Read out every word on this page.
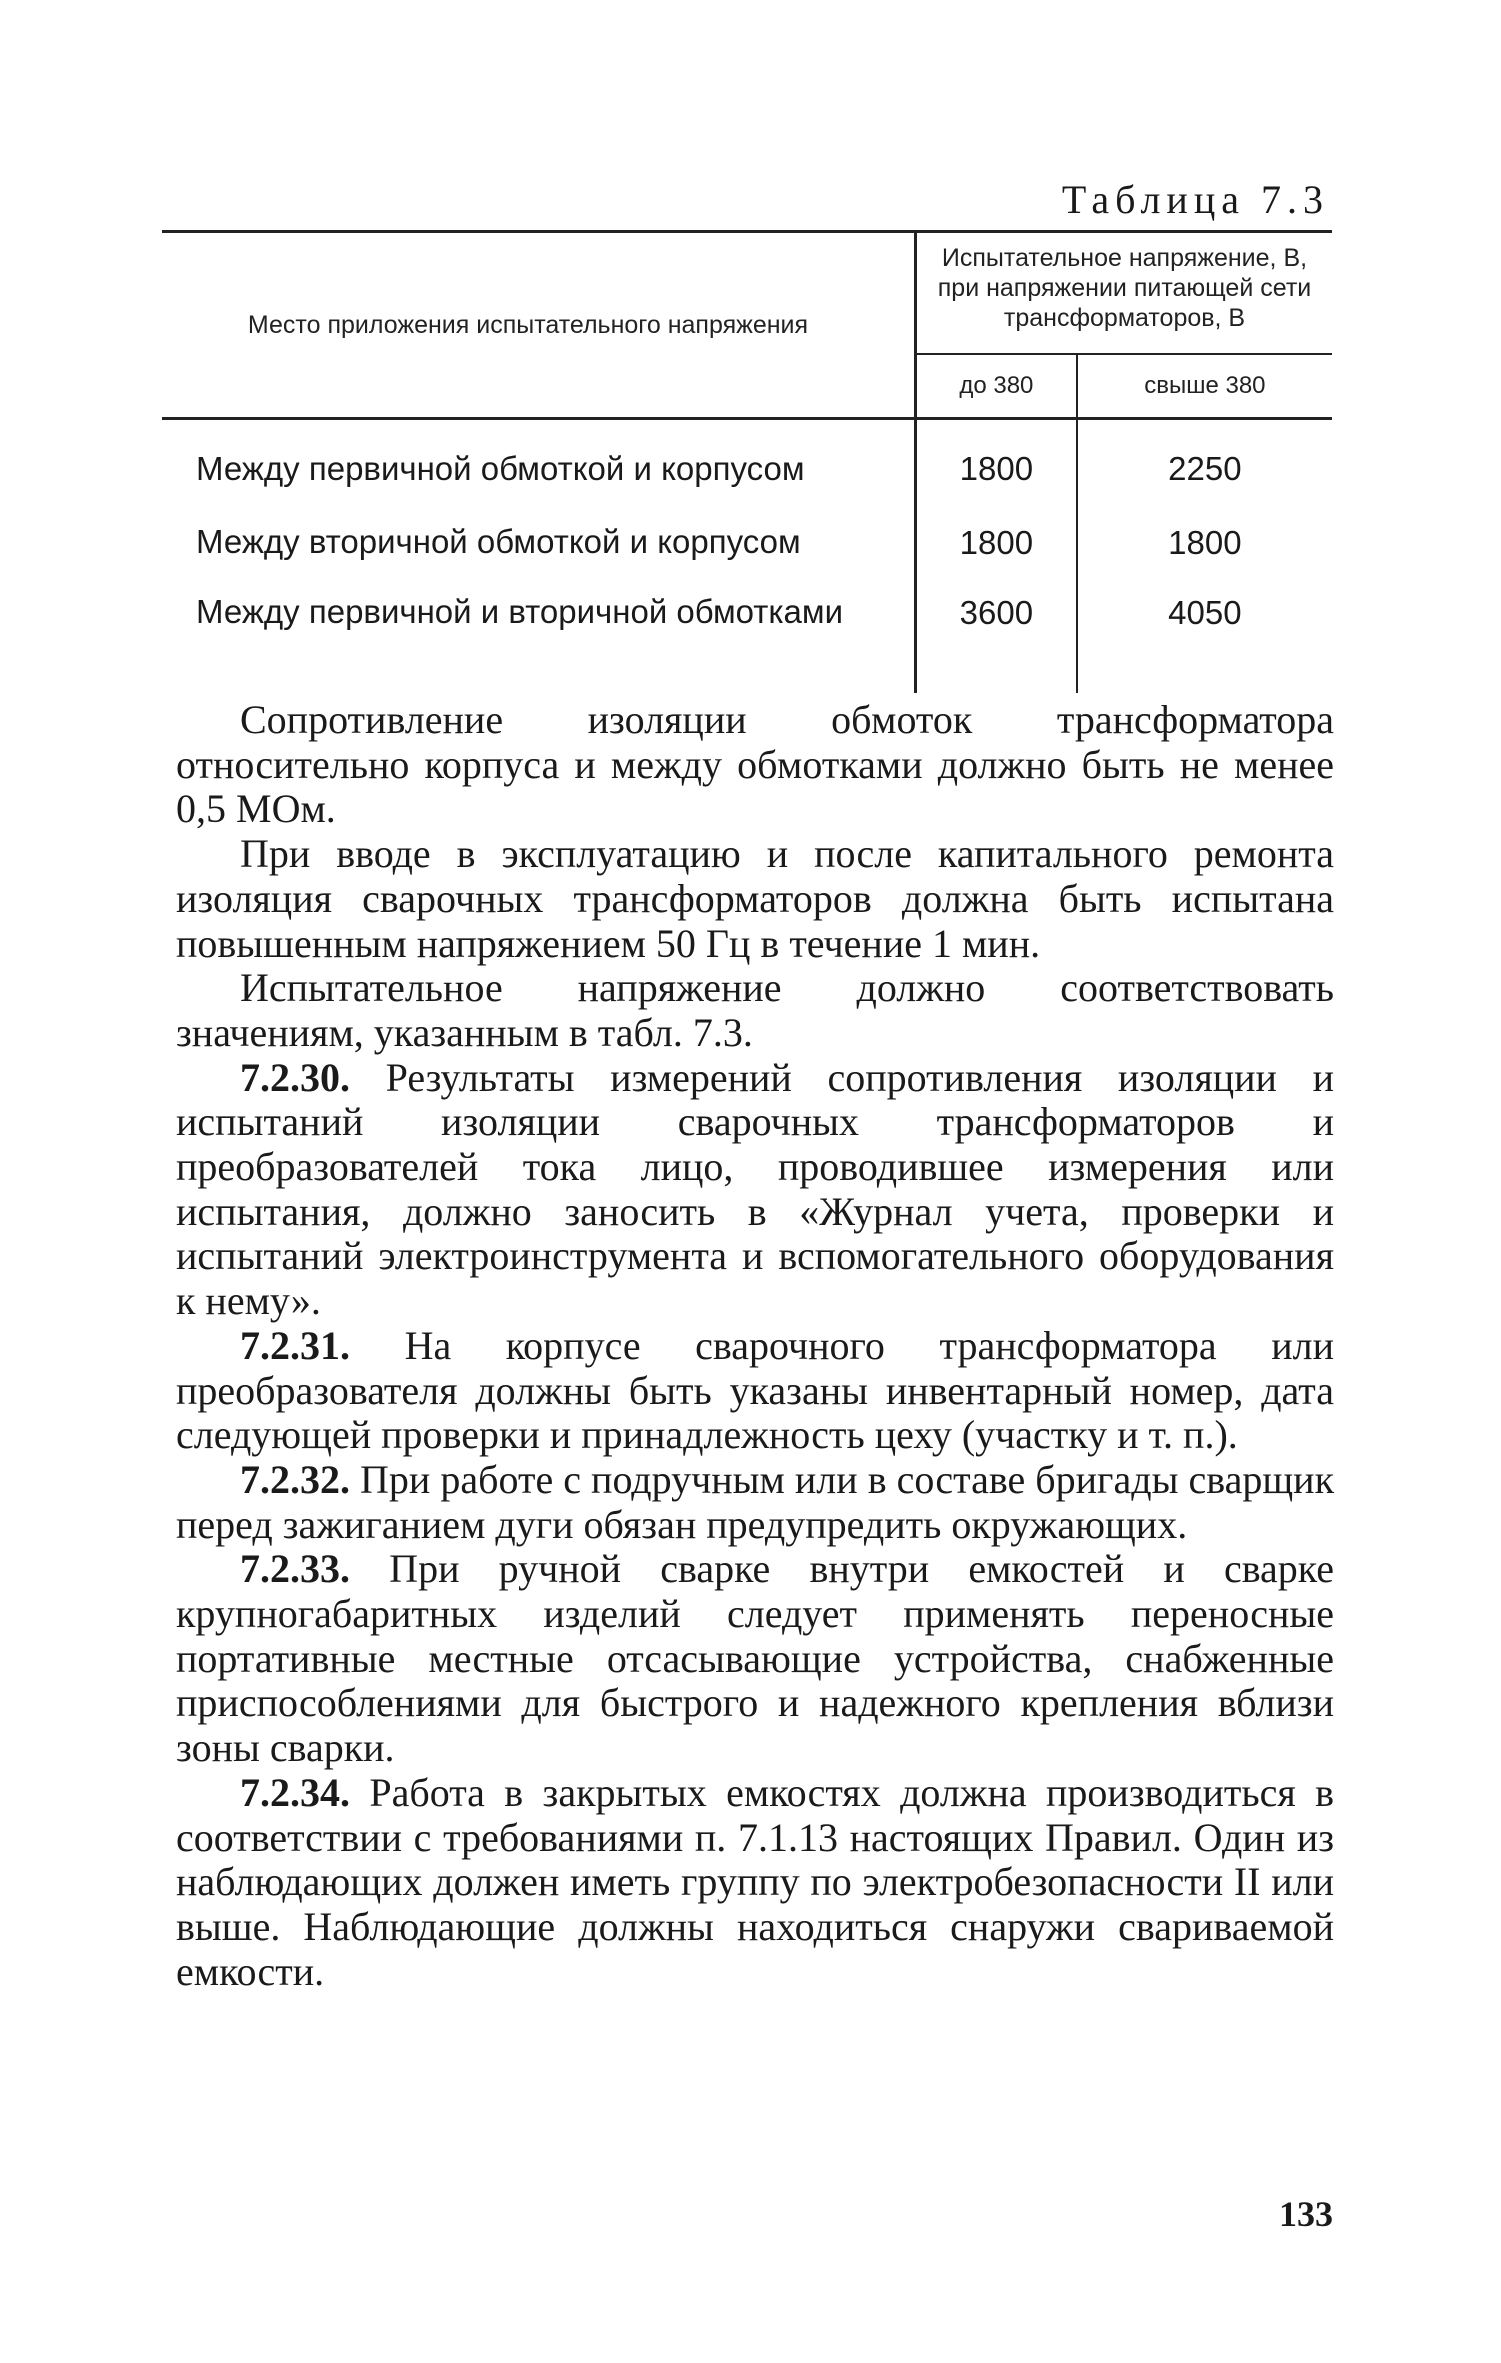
Таблица 7.3
Место приложения испытательного напряжения	Испытательное напряжение, В, при напряжении питающей сети трансформаторов, В	
	до 380	свыше 380
Между первичной обмоткой и корпусом	1800	2250
Между вторичной обмоткой и корпусом	1800	1800
Между первичной и вторичной обмотками	3600	4050

Сопротивление изоляции обмоток трансформатора относительно корпуса и между обмотками должно быть не менее 0,5 МОм.

При вводе в эксплуатацию и после капитального ремонта изоляция сварочных трансформаторов должна быть испытана повышенным напряжением 50 Гц в течение 1 мин.

Испытательное напряжение должно соответствовать значениям, указанным в табл. 7.3.

7.2.30. Результаты измерений сопротивления изоляции и испытаний изоляции сварочных трансформаторов и преобразователей тока лицо, проводившее измерения или испытания, должно заносить в «Журнал учета, проверки и испытаний электроинструмента и вспомогательного оборудования к нему».

7.2.31. На корпусе сварочного трансформатора или преобразователя должны быть указаны инвентарный номер, дата следующей проверки и принадлежность цеху (участку и т. п.).

7.2.32. При работе с подручным или в составе бригады сварщик перед зажиганием дуги обязан предупредить окружающих.

7.2.33. При ручной сварке внутри емкостей и сварке крупногабаритных изделий следует применять переносные портативные местные отсасывающие устройства, снабженные приспособлениями для быстрого и надежного крепления вблизи зоны сварки.

7.2.34. Работа в закрытых емкостях должна производиться в соответствии с требованиями п. 7.1.13 настоящих Правил. Один из наблюдающих должен иметь группу по электробезопасности II или выше. Наблюдающие должны находиться снаружи свариваемой емкости.

133
